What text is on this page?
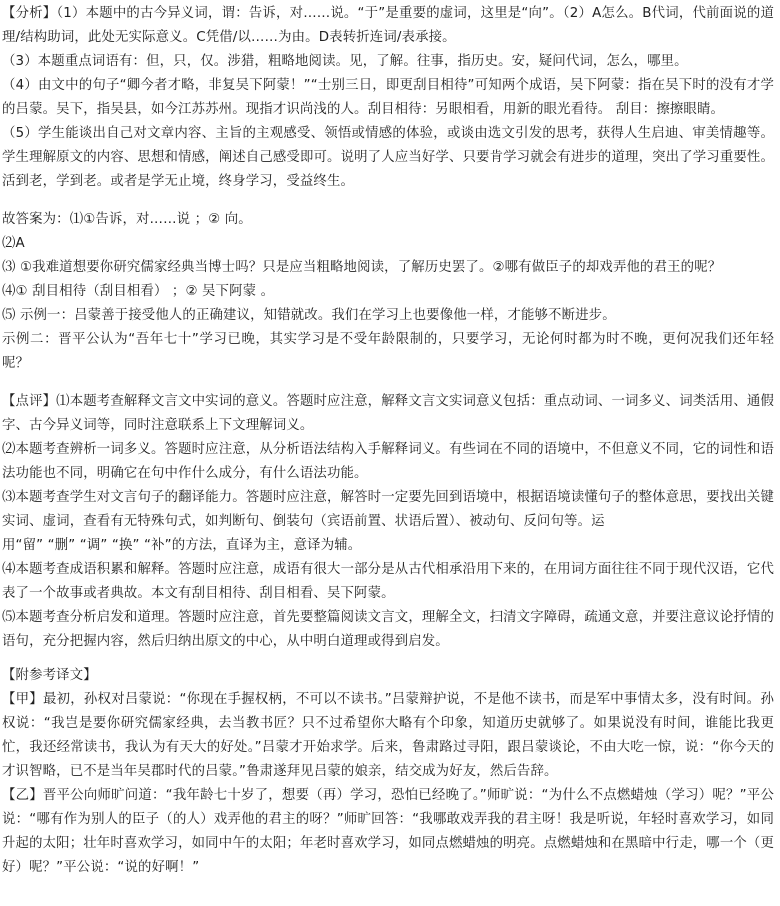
【分析】（1）本题中的古今异义词，谓：告诉，对……说。“于”是重要的虚词，这里是“向”。（2）A怎么。B代词，代前面说的道理/结构助词，此处无实际意义。C凭借/以……为由。D表转折连词/表承接。

（3）本题重点词语有：但，只，仅。涉猎，粗略地阅读。见，了解。往事，指历史。安，疑问代词，怎么，哪里。

（4）由文中的句子“卿今者才略，非复吴下阿蒙！”“士别三日，即更刮目相待”可知两个成语，吴下阿蒙：指在吴下时的没有才学的吕蒙。吴下，指吴县，如今江苏苏州。现指才识尚浅的人。刮目相待：另眼相看，用新的眼光看待。 刮目：擦擦眼睛。

（5）学生能谈出自己对文章内容、主旨的主观感受、领悟或情感的体验，或谈由选文引发的思考，获得人生启迪、审美情趣等。学生理解原文的内容、思想和情感，阐述自己感受即可。说明了人应当好学、只要肯学习就会有进步的道理，突出了学习重要性。活到老，学到老。或者是学无止境，终身学习，受益终生。

故答案为：⑴①告诉，对……说 ；② 向。

⑵A

⑶ ①我难道想要你研究儒家经典当博士吗？只是应当粗略地阅读，了解历史罢了。②哪有做臣子的却戏弄他的君王的呢？

⑷① 刮目相待（刮目相看） ；② 吴下阿蒙 。

⑸ 示例一：吕蒙善于接受他人的正确建议，知错就改。我们在学习上也要像他一样，才能够不断进步。

示例二：晋平公认为“吾年七十”学习已晚，其实学习是不受年龄限制的，只要学习，无论何时都为时不晚，更何况我们还年轻呢？

【点评】⑴本题考查解释文言文中实词的意义。答题时应注意，解释文言文实词意义包括：重点动词、一词多义、词类活用、通假字、古今异义词等，同时注意联系上下文理解词义。

⑵本题考查辨析一词多义。答题时应注意，从分析语法结构入手解释词义。有些词在不同的语境中，不但意义不同，它的词性和语法功能也不同，明确它在句中作什么成分，有什么语法功能。

⑶本题考查学生对文言句子的翻译能力。答题时应注意，解答时一定要先回到语境中，根据语境读懂句子的整体意思，要找出关键实词、虚词，查看有无特殊句式，如判断句、倒装句（宾语前置、状语后置）、被动句、反问句等。运

用“留” “删” “调” “换” “补”的方法，直译为主，意译为辅。

⑷本题考查成语积累和解释。答题时应注意，成语有很大一部分是从古代相承沿用下来的，在用词方面往往不同于现代汉语，它代表了一个故事或者典故。本文有刮目相待、刮目相看、吴下阿蒙。

⑸本题考查分析启发和道理。答题时应注意，首先要整篇阅读文言文，理解全文，扫清文字障碍，疏通文意，并要注意议论抒情的语句，充分把握内容，然后归纳出原文的中心，从中明白道理或得到启发。

【附参考译文】

【甲】最初，孙权对吕蒙说：“你现在手握权柄，不可以不读书。”吕蒙辩护说，不是他不读书，而是军中事情太多，没有时间。孙权说：“我岂是要你研究儒家经典，去当教书匠？只不过希望你大略有个印象，知道历史就够了。如果说没有时间，谁能比我更忙，我还经常读书，我认为有天大的好处。”吕蒙才开始求学。后来，鲁肃路过寻阳，跟吕蒙谈论，不由大吃一惊，说：“你今天的才识智略，已不是当年吴郡时代的吕蒙。”鲁肃遂拜见吕蒙的娘亲，结交成为好友，然后告辞。

【乙】晋平公向师旷问道：“我年龄七十岁了，想要（再）学习，恐怕已经晚了。”师旷说：“为什么不点燃蜡烛（学习）呢？”平公说：“哪有作为别人的臣子（的人）戏弄他的君主的呀？”师旷回答：“我哪敢戏弄我的君主呀！我是听说，年轻时喜欢学习，如同升起的太阳；壮年时喜欢学习，如同中午的太阳；年老时喜欢学习，如同点燃蜡烛的明亮。点燃蜡烛和在黑暗中行走，哪一个（更好）呢？”平公说：“说的好啊！”
